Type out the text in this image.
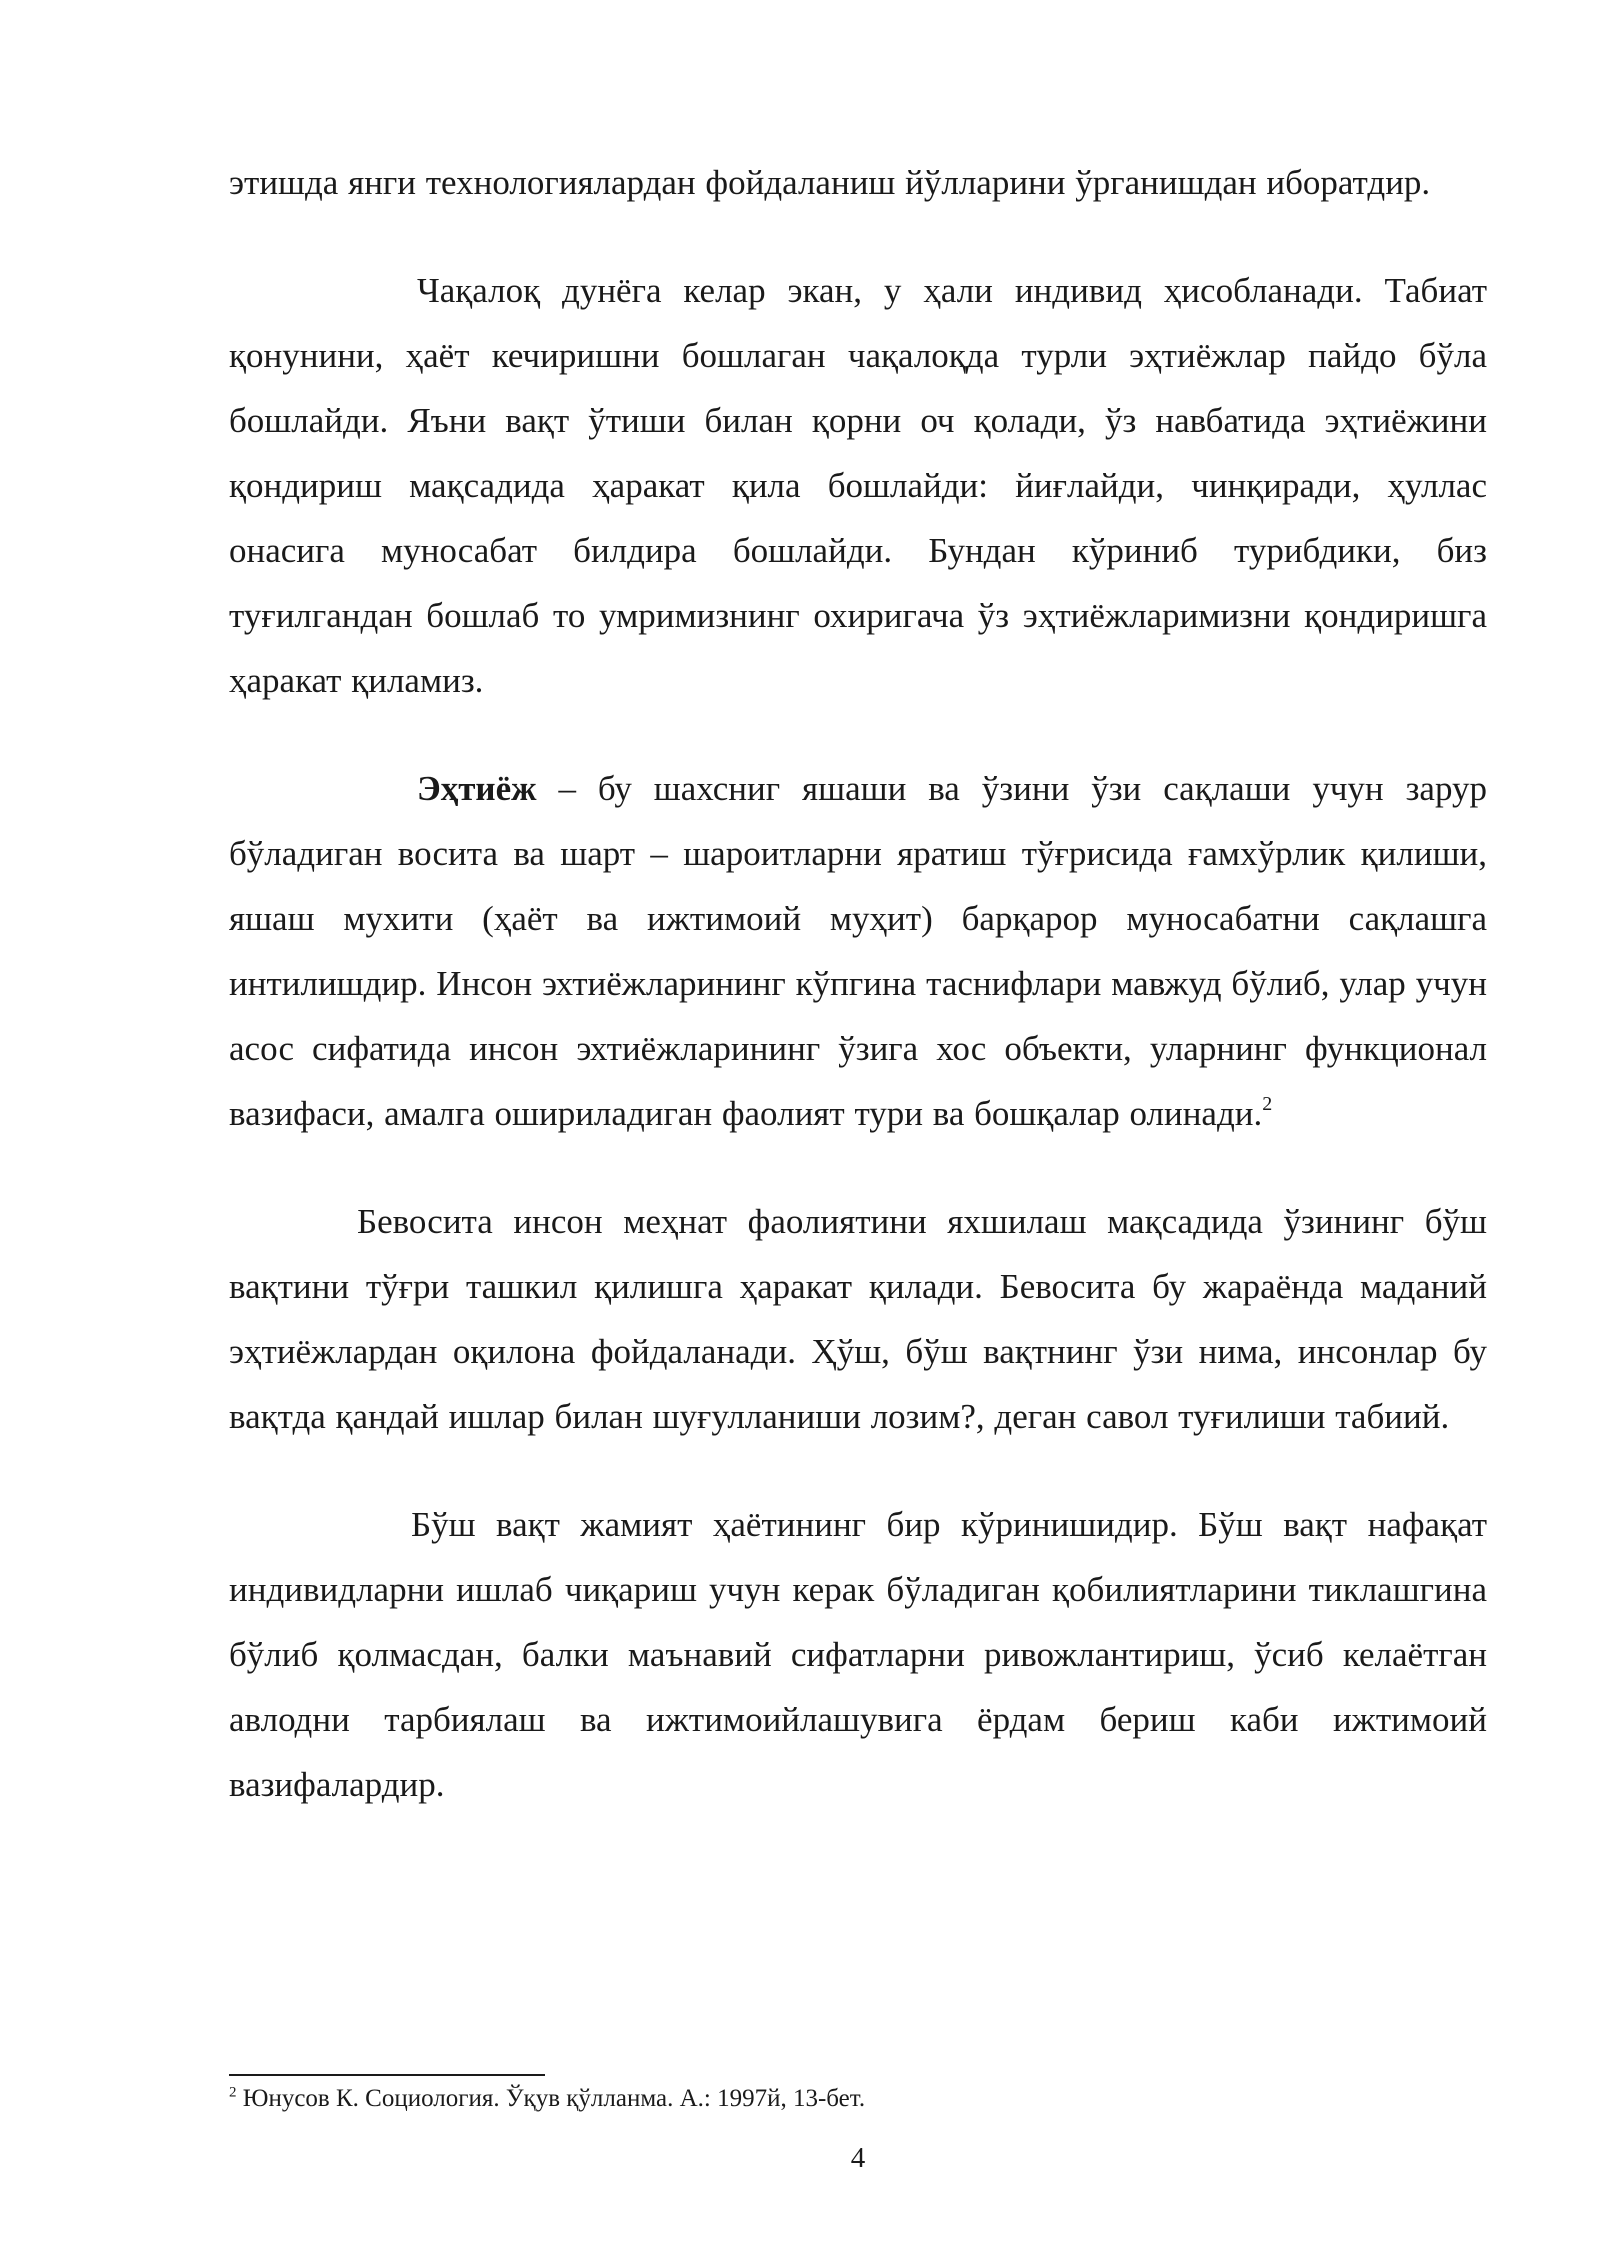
этишда янги технологиялардан фойдаланиш йўлларини ўрганишдан иборатдир.

Чақалоқ дунёга келар экан, у ҳали индивид ҳисобланади. Табиат қонунини, ҳаёт кечиришни бошлаган чақалоқда турли эҳтиёжлар пайдо бўла бошлайди. Яъни вақт ўтиши билан қорни оч қолади, ўз навбатида эҳтиёжини қондириш мақсадида ҳаракат қила бошлайди: йиғлайди, чинқиради, ҳуллас онасига муносабат билдира бошлайди. Бундан кўриниб турибдики, биз туғилгандан бошлаб то умримизнинг охиригача ўз эҳтиёжларимизни қондиришга ҳаракат қиламиз.

Эҳтиёж – бу шахсниг яшаши ва ўзини ўзи сақлаши учун зарур бўладиган восита ва шарт – шароитларни яратиш тўғрисида ғамхўрлик қилиши, яшаш мухити (ҳаёт ва ижтимоий муҳит) барқарор муносабатни сақлашга интилишдир. Инсон эхтиёжларининг кўпгина таснифлари мавжуд бўлиб, улар учун асос сифатида инсон эхтиёжларининг ўзига хос объекти, уларнинг функционал вазифаси, амалга ошириладиган фаолият тури ва бошқалар олинади.$^2$

Бевосита инсон меҳнат фаолиятини яхшилаш мақсадида ўзининг бўш вақтини тўғри ташкил қилишга ҳаракат қилади. Бевосита бу жараёнда маданий эҳтиёжлардан оқилона фойдаланади. Ҳўш, бўш вақтнинг ўзи нима, инсонлар бу вақтда қандай ишлар билан шуғулланиши лозим?, деган савол туғилиши табиий.

Бўш вақт жамият ҳаётининг бир кўринишидир. Бўш вақт нафақат индивидларни ишлаб чиқариш учун керак бўладиган қобилиятларини тиклашгина бўлиб қолмасдан, балки маънавий сифатларни ривожлантириш, ўсиб келаётган авлодни тарбиялаш ва ижтимоийлашувига ёрдам бериш каби ижтимоий вазифалардир.

$^2$ Юнусов К. Социология. Ўқув қўлланма. А.: 1997й, 13-бет.
4
